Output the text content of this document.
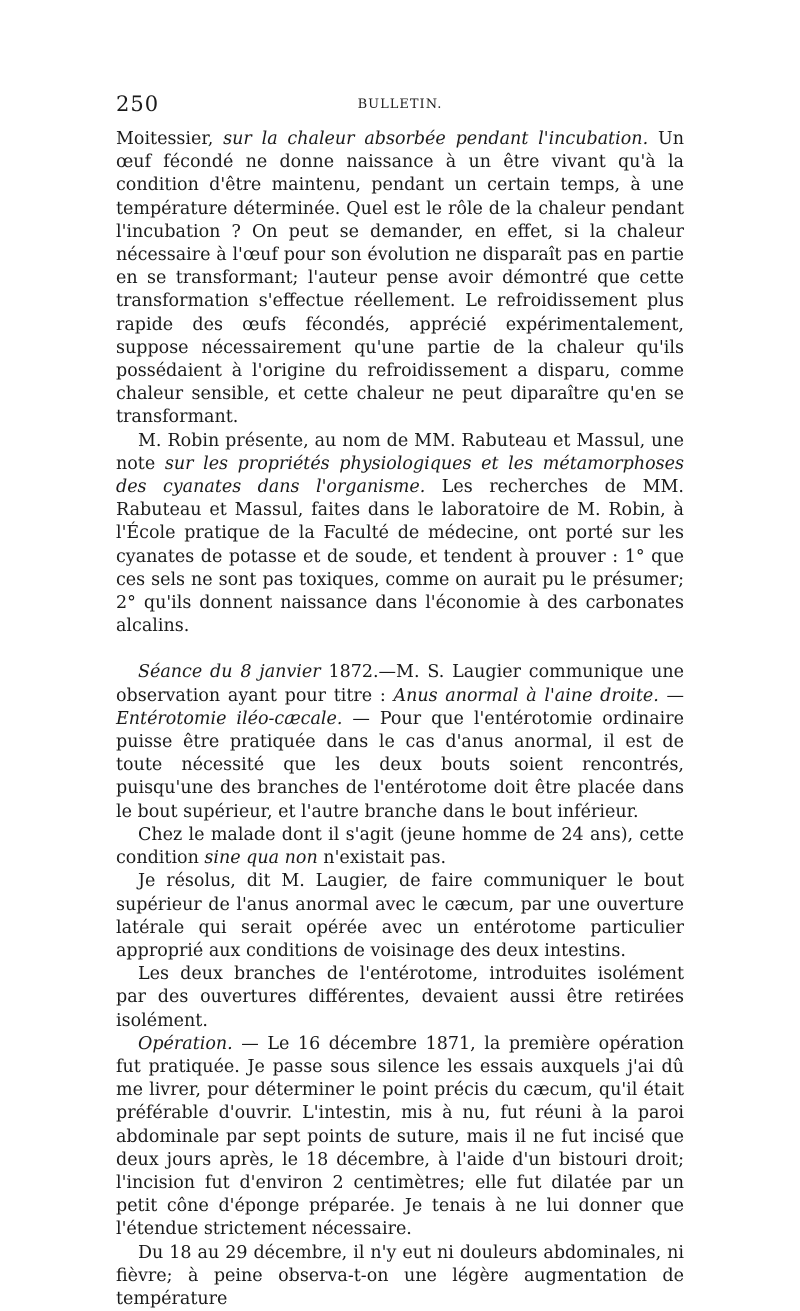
250	BULLETIN.

Moitessier, sur la chaleur absorbée pendant l'incubation. Un œuf fécondé ne donne naissance à un être vivant qu'à la condition d'être maintenu, pendant un certain temps, à une température déterminée. Quel est le rôle de la chaleur pendant l'incubation ? On peut se demander, en effet, si la chaleur nécessaire à l'œuf pour son évolution ne disparaît pas en partie en se transformant; l'auteur pense avoir démontré que cette transformation s'effectue réellement. Le refroidissement plus rapide des œufs fécondés, apprécié expérimentalement, suppose nécessairement qu'une partie de la chaleur qu'ils possédaient à l'origine du refroidissement a disparu, comme chaleur sensible, et cette chaleur ne peut diparaître qu'en se transformant.

M. Robin présente, au nom de MM. Rabuteau et Massul, une note sur les propriétés physiologiques et les métamorphoses des cyanates dans l'organisme. Les recherches de MM. Rabuteau et Massul, faites dans le laboratoire de M. Robin, à l'École pratique de la Faculté de médecine, ont porté sur les cyanates de potasse et de soude, et tendent à prouver : 1° que ces sels ne sont pas toxiques, comme on aurait pu le présumer; 2° qu'ils donnent naissance dans l'économie à des carbonates alcalins.

Séance du 8 janvier 1872.—M. S. Laugier communique une observation ayant pour titre : Anus anormal à l'aine droite. — Entérotomie iléo-cæcale. — Pour que l'entérotomie ordinaire puisse être pratiquée dans le cas d'anus anormal, il est de toute nécessité que les deux bouts soient rencontrés, puisqu'une des branches de l'entérotome doit être placée dans le bout supérieur, et l'autre branche dans le bout inférieur.

Chez le malade dont il s'agit (jeune homme de 24 ans), cette condition sine qua non n'existait pas.

Je résolus, dit M. Laugier, de faire communiquer le bout supérieur de l'anus anormal avec le cæcum, par une ouverture latérale qui serait opérée avec un entérotome particulier approprié aux conditions de voisinage des deux intestins.

Les deux branches de l'entérotome, introduites isolément par des ouvertures différentes, devaient aussi être retirées isolément.

Opération. — Le 16 décembre 1871, la première opération fut pratiquée. Je passe sous silence les essais auxquels j'ai dû me livrer, pour déterminer le point précis du cæcum, qu'il était préférable d'ouvrir. L'intestin, mis à nu, fut réuni à la paroi abdominale par sept points de suture, mais il ne fut incisé que deux jours après, le 18 décembre, à l'aide d'un bistouri droit; l'incision fut d'environ 2 centimètres; elle fut dilatée par un petit cône d'éponge préparée. Je tenais à ne lui donner que l'étendue strictement nécessaire.

Du 18 au 29 décembre, il n'y eut ni douleurs abdominales, ni fièvre; à peine observa-t-on une légère augmentation de température
